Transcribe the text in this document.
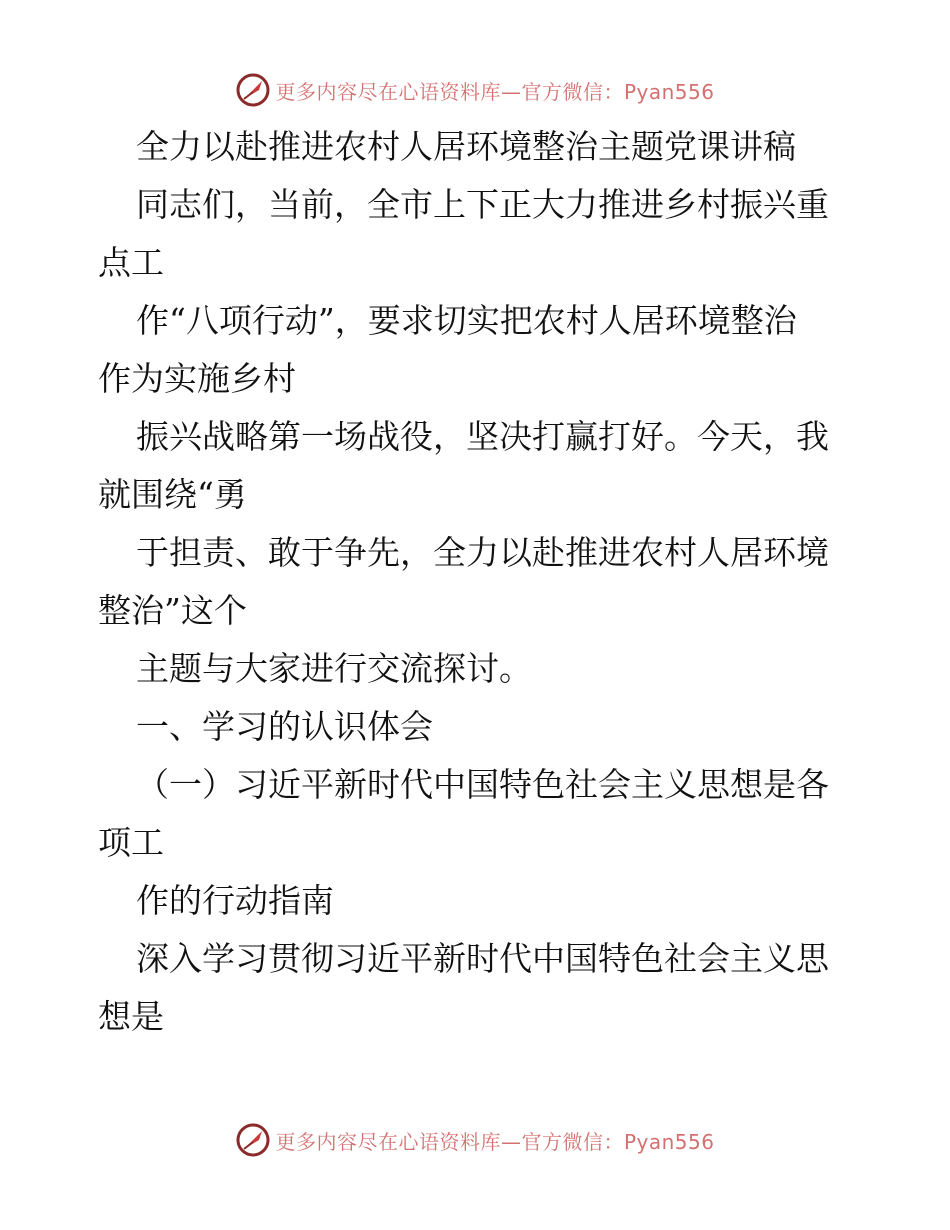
更多内容尽在心语资料库—官方微信：Pyan556
全力以赴推进农村人居环境整治主题党课讲稿
同志们，当前，全市上下正大力推进乡村振兴重
点工
作“八项行动”，要求切实把农村人居环境整治
作为实施乡村
振兴战略第一场战役，坚决打赢打好。今天，我
就围绕“勇
于担责、敢于争先，全力以赴推进农村人居环境
整治”这个
主题与大家进行交流探讨。
一、学习的认识体会
（一）习近平新时代中国特色社会主义思想是各
项工
作的行动指南
深入学习贯彻习近平新时代中国特色社会主义思
想是
更多内容尽在心语资料库—官方微信：Pyan556
